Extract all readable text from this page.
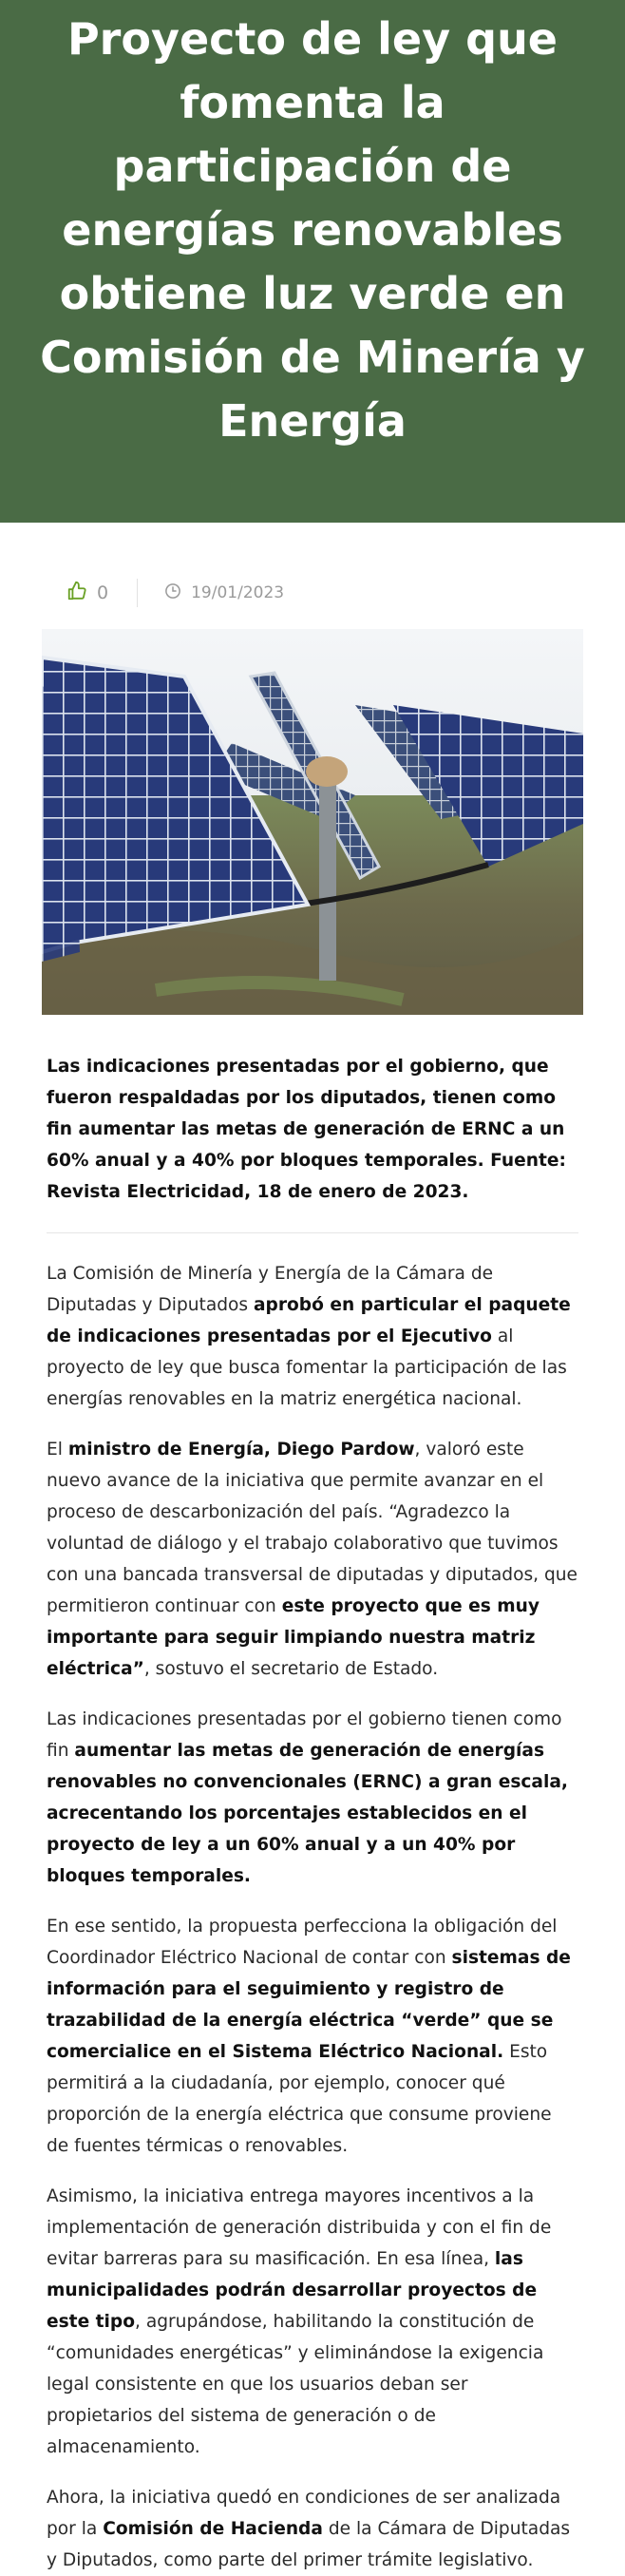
Proyecto de ley que fomenta la participación de energías renovables obtiene luz verde en Comisión de Minería y Energía
0	19/01/2023

Las indicaciones presentadas por el gobierno, que fueron respaldadas por los diputados, tienen como fin aumentar las metas de generación de ERNC a un 60% anual y a 40% por bloques temporales. Fuente: Revista Electricidad, 18 de enero de 2023.

La Comisión de Minería y Energía de la Cámara de Diputadas y Diputados aprobó en particular el paquete de indicaciones presentadas por el Ejecutivo al proyecto de ley que busca fomentar la participación de las energías renovables en la matriz energética nacional.

El ministro de Energía, Diego Pardow, valoró este nuevo avance de la iniciativa que permite avanzar en el proceso de descarbonización del país. “Agradezco la voluntad de diálogo y el trabajo colaborativo que tuvimos con una bancada transversal de diputadas y diputados, que permitieron continuar con este proyecto que es muy importante para seguir limpiando nuestra matriz eléctrica”, sostuvo el secretario de Estado.

Las indicaciones presentadas por el gobierno tienen como fin aumentar las metas de generación de energías renovables no convencionales (ERNC) a gran escala, acrecentando los porcentajes establecidos en el proyecto de ley a un 60% anual y a un 40% por bloques temporales.

En ese sentido, la propuesta perfecciona la obligación del Coordinador Eléctrico Nacional de contar con sistemas de información para el seguimiento y registro de trazabilidad de la energía eléctrica “verde” que se comercialice en el Sistema Eléctrico Nacional. Esto permitirá a la ciudadanía, por ejemplo, conocer qué proporción de la energía eléctrica que consume proviene de fuentes térmicas o renovables.

Asimismo, la iniciativa entrega mayores incentivos a la implementación de generación distribuida y con el fin de evitar barreras para su masificación. En esa línea, las municipalidades podrán desarrollar proyectos de este tipo, agrupándose, habilitando la constitución de “comunidades energéticas” y eliminándose la exigencia legal consistente en que los usuarios deban ser propietarios del sistema de generación o de almacenamiento.

Ahora, la iniciativa quedó en condiciones de ser analizada por la Comisión de Hacienda de la Cámara de Diputadas y Diputados, como parte del primer trámite legislativo.
